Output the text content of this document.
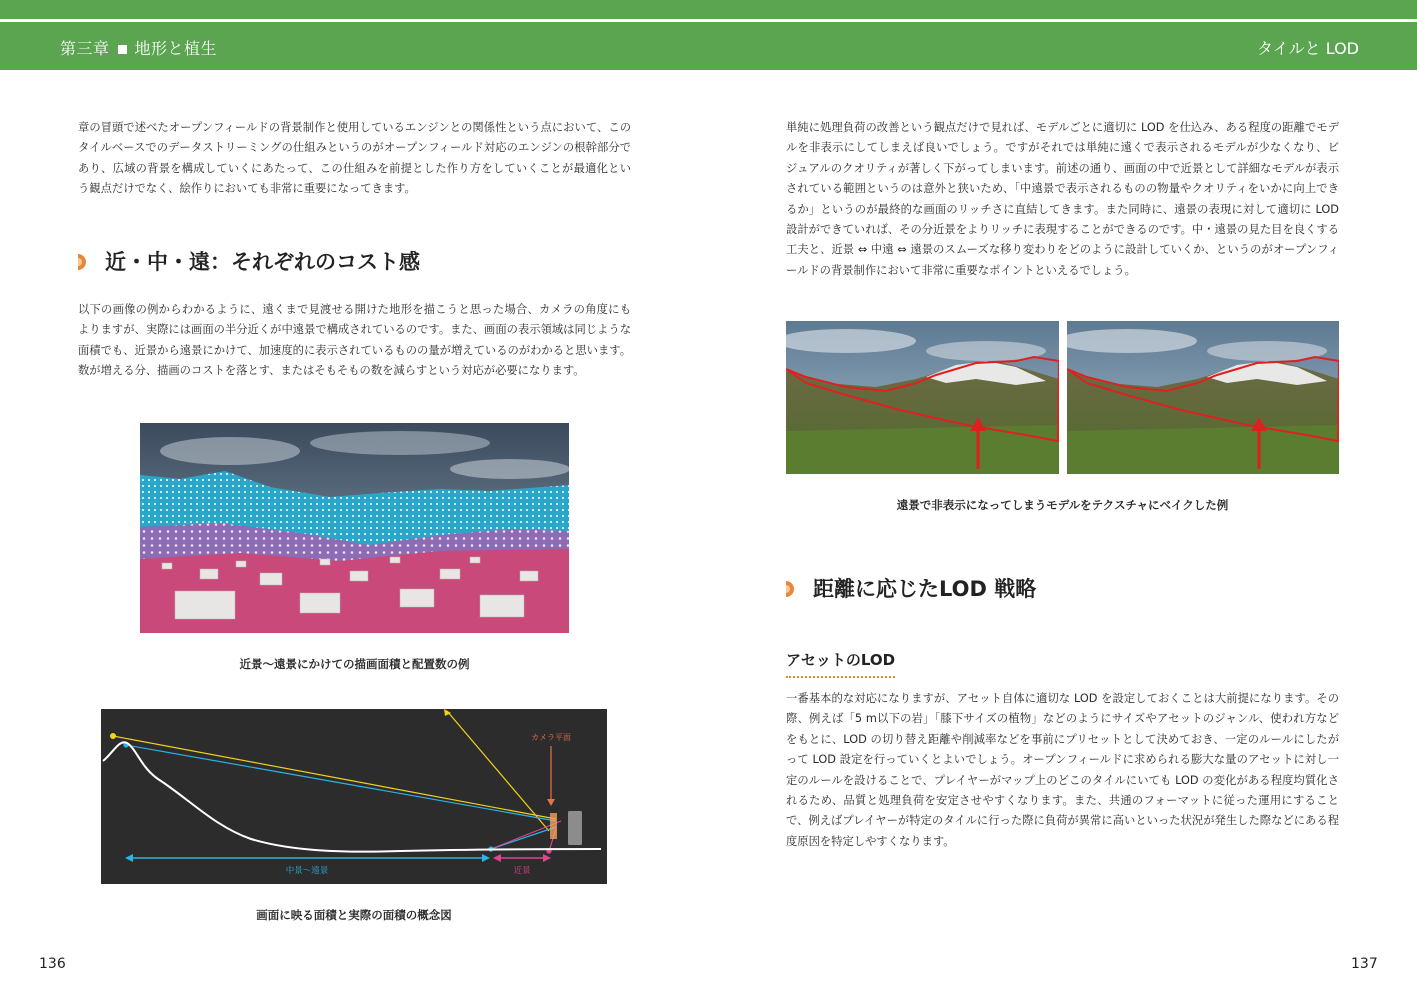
第三章 地形と植生	タイルと LOD

章の冒頭で述べたオープンフィールドの背景制作と使用しているエンジンとの関係性という点において、このタイルベースでのデータストリーミングの仕組みというのがオープンフィールド対応のエンジンの根幹部分であり、広域の背景を構成していくにあたって、この仕組みを前提とした作り方をしていくことが最適化という観点だけでなく、絵作りにおいても非常に重要になってきます。

近・中・遠：それぞれのコスト感

以下の画像の例からわかるように、遠くまで見渡せる開けた地形を描こうと思った場合、カメラの角度にもよりますが、実際には画面の半分近くが中遠景で構成されているのです。また、画面の表示領域は同じような面積でも、近景から遠景にかけて、加速度的に表示されているものの量が増えているのがわかると思います。数が増える分、描画のコストを落とす、またはそもそもの数を減らすという対応が必要になります。

近景〜遠景にかけての描画面積と配置数の例
カメラ平面
中景〜遠景	近景
画面に映る面積と実際の面積の概念図
136

単純に処理負荷の改善という観点だけで見れば、モデルごとに適切に LOD を仕込み、ある程度の距離でモデルを非表示にしてしまえば良いでしょう。ですがそれでは単純に遠くで表示されるモデルが少なくなり、ビジュアルのクオリティが著しく下がってしまいます。前述の通り、画面の中で近景として詳細なモデルが表示されている範囲というのは意外と狭いため、「中遠景で表示されるものの物量やクオリティをいかに向上できるか」というのが最終的な画面のリッチさに直結してきます。また同時に、遠景の表現に対して適切に LOD 設計ができていれば、その分近景をよりリッチに表現することができるのです。中・遠景の見た目を良くする工夫と、近景 ⇔ 中遠 ⇔ 遠景のスムーズな移り変わりをどのように設計していくか、というのがオープンフィールドの背景制作において非常に重要なポイントといえるでしょう。

遠景で非表示になってしまうモデルをテクスチャにベイクした例
距離に応じたLOD 戦略
アセットのLOD

一番基本的な対応になりますが、アセット自体に適切な LOD を設定しておくことは大前提になります。その際、例えば「5 m以下の岩」「膝下サイズの植物」などのようにサイズやアセットのジャンル、使われ方などをもとに、LOD の切り替え距離や削減率などを事前にプリセットとして決めておき、一定のルールにしたがって LOD 設定を行っていくとよいでしょう。オープンフィールドに求められる膨大な量のアセットに対し一定のルールを設けることで、プレイヤーがマップ上のどこのタイルにいても LOD の変化がある程度均質化されるため、品質と処理負荷を安定させやすくなります。また、共通のフォーマットに従った運用にすることで、例えばプレイヤーが特定のタイルに行った際に負荷が異常に高いといった状況が発生した際などにある程度原因を特定しやすくなります。

137
